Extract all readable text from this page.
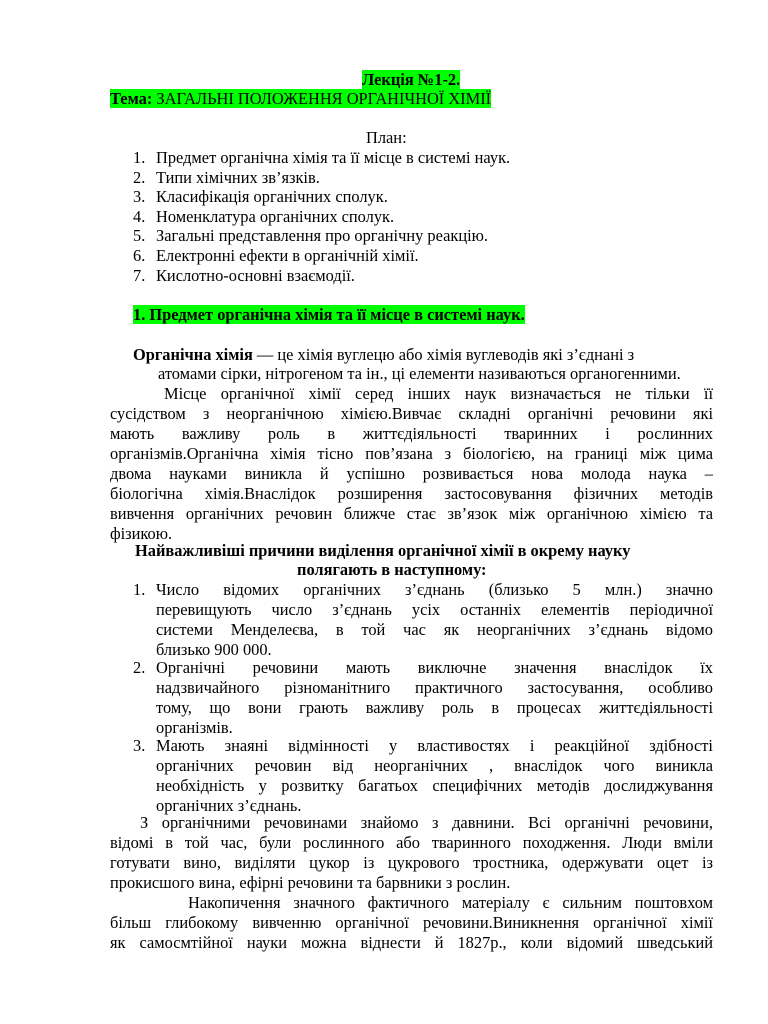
Лекція №1-2.
Тема: ЗАГАЛЬНІ ПОЛОЖЕННЯ ОРГАНІЧНОЇ ХІМІЇ
План:
1. Предмет органічна хімія та її місце в системі наук.
2. Типи хімічних зв’язків.
3. Класифікація органічних сполук.
4. Номенклатура органічних сполук.
5. Загальні представлення про органічну реакцію.
6. Електронні ефекти в органічній хімії.
7. Кислотно-основні взаємодії.
1. Предмет органічна хімія та її місце в системі наук.
Органічна хімія — це хімія вуглецю або хімія вуглеводів які з’єднані з
атомами сірки, нітрогеном та ін., ці елементи називаються органогенними.
Місце органічної хімії серед інших наук визначається не тільки її
сусідством з неорганічною хімією.Вивчає складні органічні речовини які
мають важливу роль в життєдіяльності тваринних і рослинних
організмів.Органічна хімія тісно пов’язана з біологією, на границі між цима
двома науками виникла й успішно розвивається нова молода наука –
біологічна хімія.Внаслідок розширення застосовування фізичних методів
вивчення органічних речовин ближче стає зв’язок між органічною хімією та
фізикою.
Найважливіші причини виділення органічної хімії в окрему науку
полягають в наступному:
1. Число відомих органічних з’єднань (близько 5 млн.) значно
перевищують число з’єднань усіх останніх елементів періодичної
системи Менделеєва, в той час як неорганічних з’єднань відомо
близько 900 000.
2. Органічні речовини мають виключне значення внаслідок їх
надзвичайного різноманітниго практичного застосування, особливо
тому, що вони грають важливу роль в процесах життєдіяльності
організмів.
3. Мають знаяні відмінності у властивостях і реакційної здібності
органічних речовин від неорганічних , внаслідок чого виникла
необхідність у розвитку багатьох специфічних методів дослиджування
органічних з’єднань.
З органічними речовинами знайомо з давнини. Всі органічні речовини,
відомі в той час, були рослинного або тваринного походження. Люди вміли
готувати вино, виділяти цукор із цукрового тростника, одержувати оцет із
прокисшого вина, ефірні речовини та барвники з рослин.
Накопичення значного фактичного матеріалу є сильним поштовхом
більш глибокому вивченню органічної речовини.Виникнення органічної хімії
як самосмтійної науки можна віднести й 1827р., коли відомий шведський
